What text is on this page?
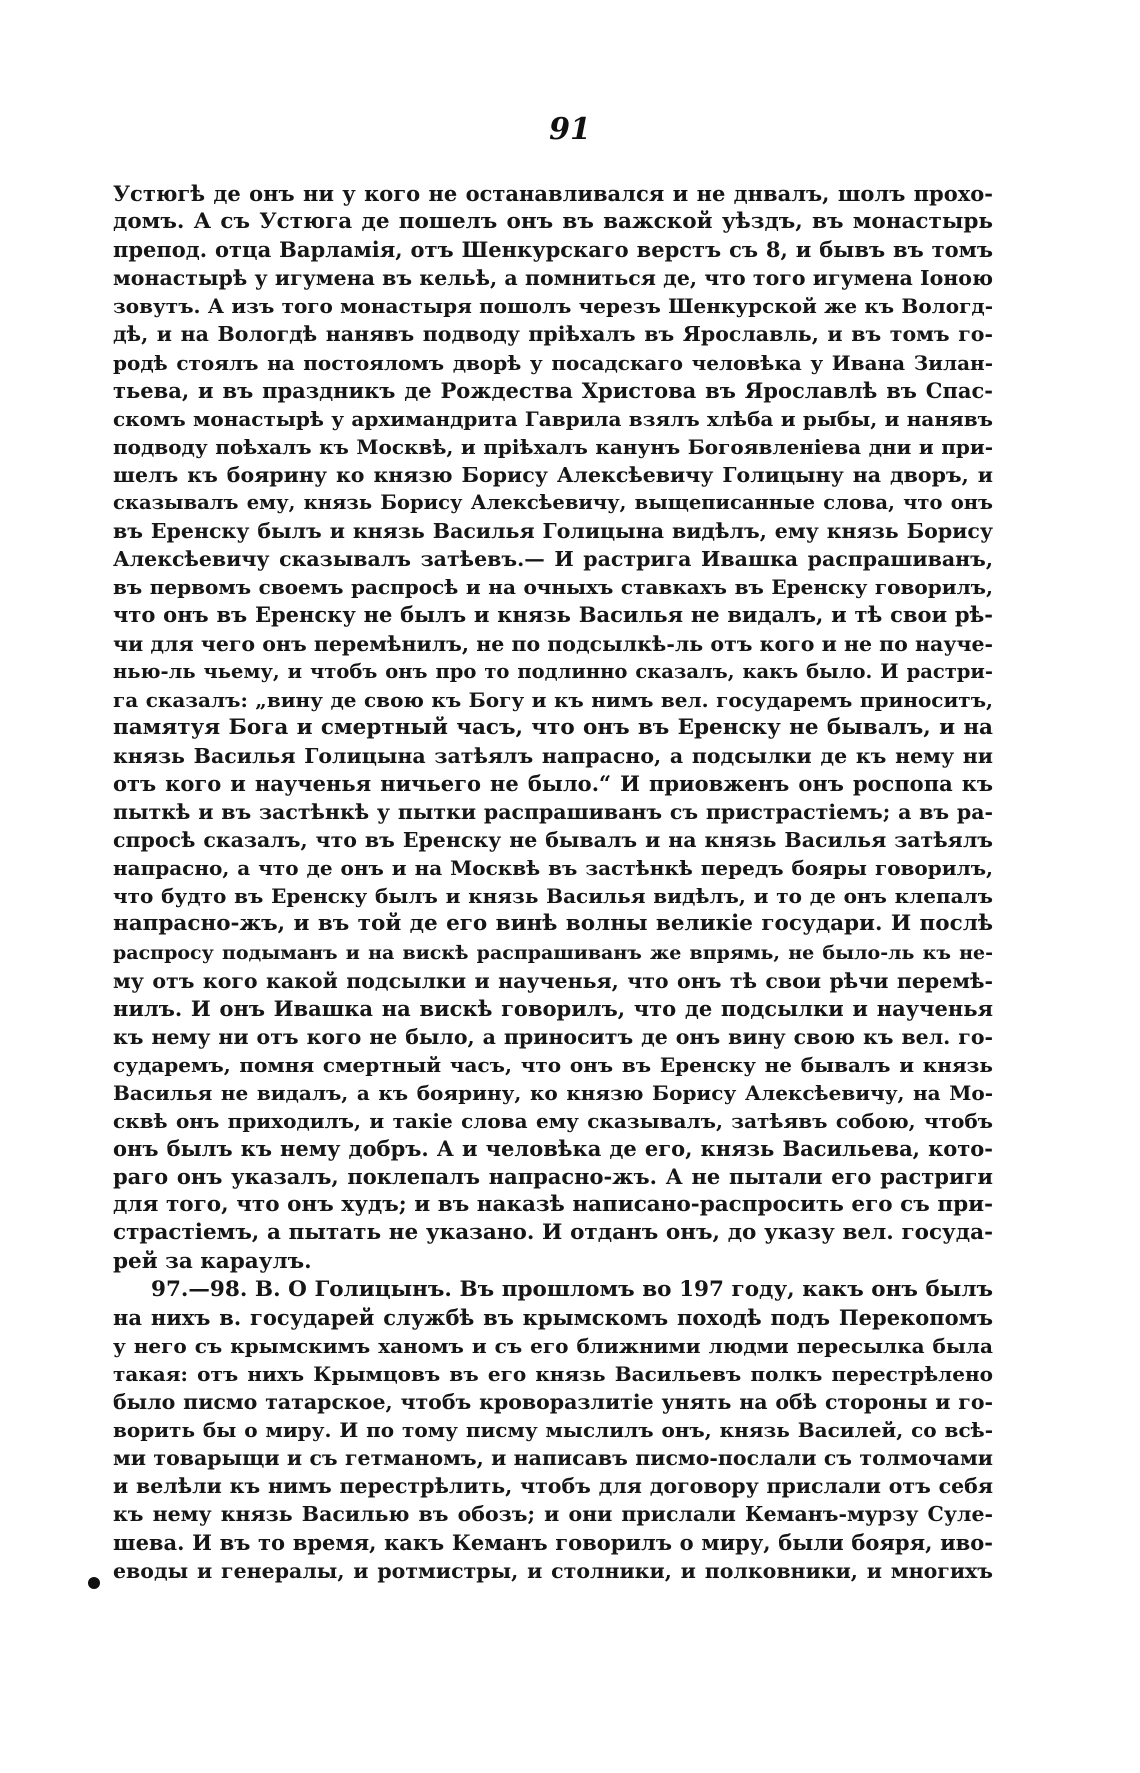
91
Устюгѣ де онъ ни у кого не останавливался и не днвалъ, шолъ прохо-
домъ. А съ Устюга де пошелъ онъ въ важской уѣздъ, въ монастырь
препод. отца Варламія, отъ Шенкурскаго верстъ съ 8, и бывъ въ томъ
монастырѣ у игумена въ кельѣ, а помниться де, что того игумена Іоною
зовутъ. А изъ того монастыря пошолъ черезъ Шенкурской же къ Вологд-
дѣ, и на Вологдѣ нанявъ подводу пріѣхалъ въ Ярославль, и въ томъ го-
родѣ стоялъ на постояломъ дворѣ у посадскаго человѣка у Ивана Зилан-
тьева, и въ праздникъ де Рождества Христова въ Ярославлѣ въ Спас-
скомъ монастырѣ у архимандрита Гаврила взялъ хлѣба и рыбы, и нанявъ
подводу поѣхалъ къ Москвѣ, и пріѣхалъ канунъ Богоявленіева дни и при-
шелъ къ боярину ко князю Борису Алексѣевичу Голицыну на дворъ, и
сказывалъ ему, князь Борису Алексѣевичу, выщеписанные слова, что онъ
въ Еренску былъ и князь Василья Голицына видѣлъ, ему князь Борису
Алексѣевичу сказывалъ затѣевъ.— И растрига Ивашка распрашиванъ,
въ первомъ своемъ распросѣ и на очныхъ ставкахъ въ Еренску говорилъ,
что онъ въ Еренску не былъ и князь Василья не видалъ, и тѣ свои рѣ-
чи для чего онъ перемѣнилъ, не по подсылкѣ-ль отъ кого и не по науче-
нью-ль чьему, и чтобъ онъ про то подлинно сказалъ, какъ было. И растри-
га сказалъ: „вину де свою къ Богу и къ нимъ вел. государемъ приноситъ,
памятуя Бога и смертный часъ, что онъ въ Еренску не бывалъ, и на
князь Василья Голицына затѣялъ напрасно, а подсылки де къ нему ни
отъ кого и наученья ничьего не было.“ И приовженъ онъ роспопа къ
пыткѣ и въ застѣнкѣ у пытки распрашиванъ съ пристрастіемъ; а въ ра-
спросѣ сказалъ, что въ Еренску не бывалъ и на князь Василья затѣялъ
напрасно, а что де онъ и на Москвѣ въ застѣнкѣ передъ бояры говорилъ,
что будто въ Еренску былъ и князь Василья видѣлъ, и то де онъ клепалъ
напрасно-жъ, и въ той де его винѣ волны великіе государи. И послѣ
распросу подыманъ и на вискѣ распрашиванъ же впрямь, не было-ль къ не-
му отъ кого какой подсылки и наученья, что онъ тѣ свои рѣчи перемѣ-
нилъ. И онъ Ивашка на вискѣ говорилъ, что де подсылки и наученья
къ нему ни отъ кого не было, а приноситъ де онъ вину свою къ вел. го-
сударемъ, помня смертный часъ, что онъ въ Еренску не бывалъ и князь
Василья не видалъ, а къ боярину, ко князю Борису Алексѣевичу, на Мо-
сквѣ онъ приходилъ, и такіе слова ему сказывалъ, затѣявъ собою, чтобъ
онъ былъ къ нему добръ. А и человѣка де его, князь Васильева, кото-
раго онъ указалъ, поклепалъ напрасно-жъ. А не пытали его растриги
для того, что онъ худъ; и въ наказѣ написано-распросить его съ при-
страстіемъ, а пытать не указано. И отданъ онъ, до указу вел. госуда-
рей за караулъ.
97.—98. В. О Голицынъ. Въ прошломъ во 197 году, какъ онъ былъ
на нихъ в. государей службѣ въ крымскомъ походѣ подъ Перекопомъ
у него съ крымскимъ ханомъ и съ его ближними людми пересылка была
такая: отъ нихъ Крымцовъ въ его князь Васильевъ полкъ перестрѣлено
было писмо татарское, чтобъ кроворазлитіе унять на обѣ стороны и го-
ворить бы о миру. И по тому писму мыслилъ онъ, князь Василей, со всѣ-
ми товарыщи и съ гетманомъ, и написавъ писмо-послали съ толмочами
и велѣли къ нимъ перестрѣлить, чтобъ для договору прислали отъ себя
къ нему князь Василью въ обозъ; и они прислали Кеманъ-мурзу Суле-
шева. И въ то время, какъ Кеманъ говорилъ о миру, были бояря, иво-
еводы и генералы, и ротмистры, и столники, и полковники, и многихъ
